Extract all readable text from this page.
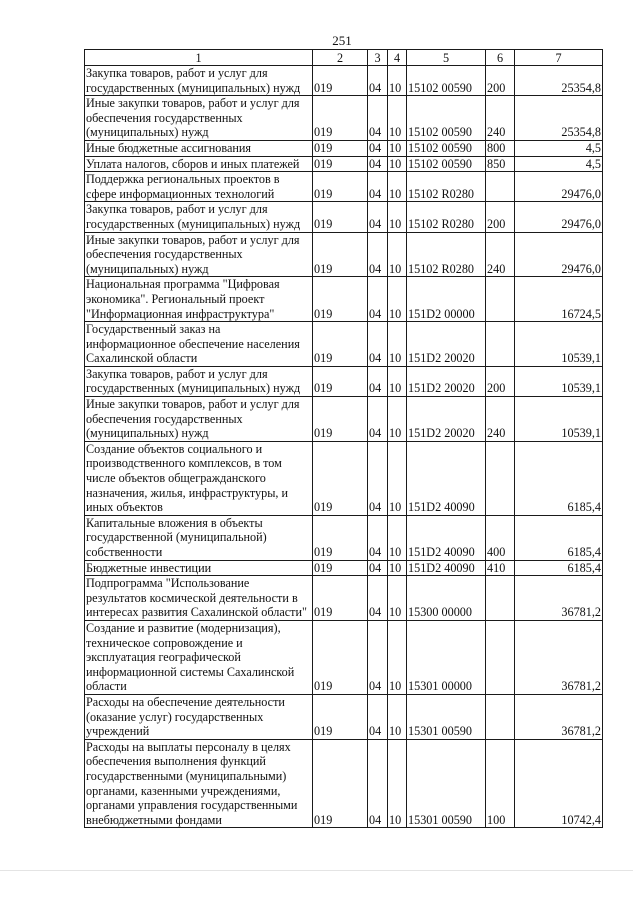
251
1	2	3	4	5	6	7
Закупка товаров, работ и услуг для государственных (муниципальных) нужд	019	04	10	15102 00590	200	25354,8
Иные закупки товаров, работ и услуг для обеспечения государственных (муниципальных) нужд	019	04	10	15102 00590	240	25354,8
Иные бюджетные ассигнования	019	04	10	15102 00590	800	4,5
Уплата налогов, сборов и иных платежей	019	04	10	15102 00590	850	4,5
Поддержка региональных проектов в сфере информационных технологий	019	04	10	15102 R0280		29476,0
Закупка товаров, работ и услуг для государственных (муниципальных) нужд	019	04	10	15102 R0280	200	29476,0
Иные закупки товаров, работ и услуг для обеспечения государственных (муниципальных) нужд	019	04	10	15102 R0280	240	29476,0
Национальная программа "Цифровая экономика". Региональный проект "Информационная инфраструктура"	019	04	10	151D2 00000		16724,5
Государственный заказ на информационное обеспечение населения Сахалинской области	019	04	10	151D2 20020		10539,1
Закупка товаров, работ и услуг для государственных (муниципальных) нужд	019	04	10	151D2 20020	200	10539,1
Иные закупки товаров, работ и услуг для обеспечения государственных (муниципальных) нужд	019	04	10	151D2 20020	240	10539,1
Создание объектов социального и производственного комплексов, в том числе объектов общегражданского назначения, жилья, инфраструктуры, и иных объектов	019	04	10	151D2 40090		6185,4
Капитальные вложения в объекты государственной (муниципальной) собственности	019	04	10	151D2 40090	400	6185,4
Бюджетные инвестиции	019	04	10	151D2 40090	410	6185,4
Подпрограмма "Использование результатов космической деятельности в интересах развития Сахалинской области"	019	04	10	15300 00000		36781,2
Создание и развитие (модернизация), техническое сопровождение и эксплуатация географической информационной системы Сахалинской области	019	04	10	15301 00000		36781,2
Расходы на обеспечение деятельности (оказание услуг) государственных учреждений	019	04	10	15301 00590		36781,2
Расходы на выплаты персоналу в целях обеспечения выполнения функций государственными (муниципальными) органами, казенными учреждениями, органами управления государственными внебюджетными фондами	019	04	10	15301 00590	100	10742,4
